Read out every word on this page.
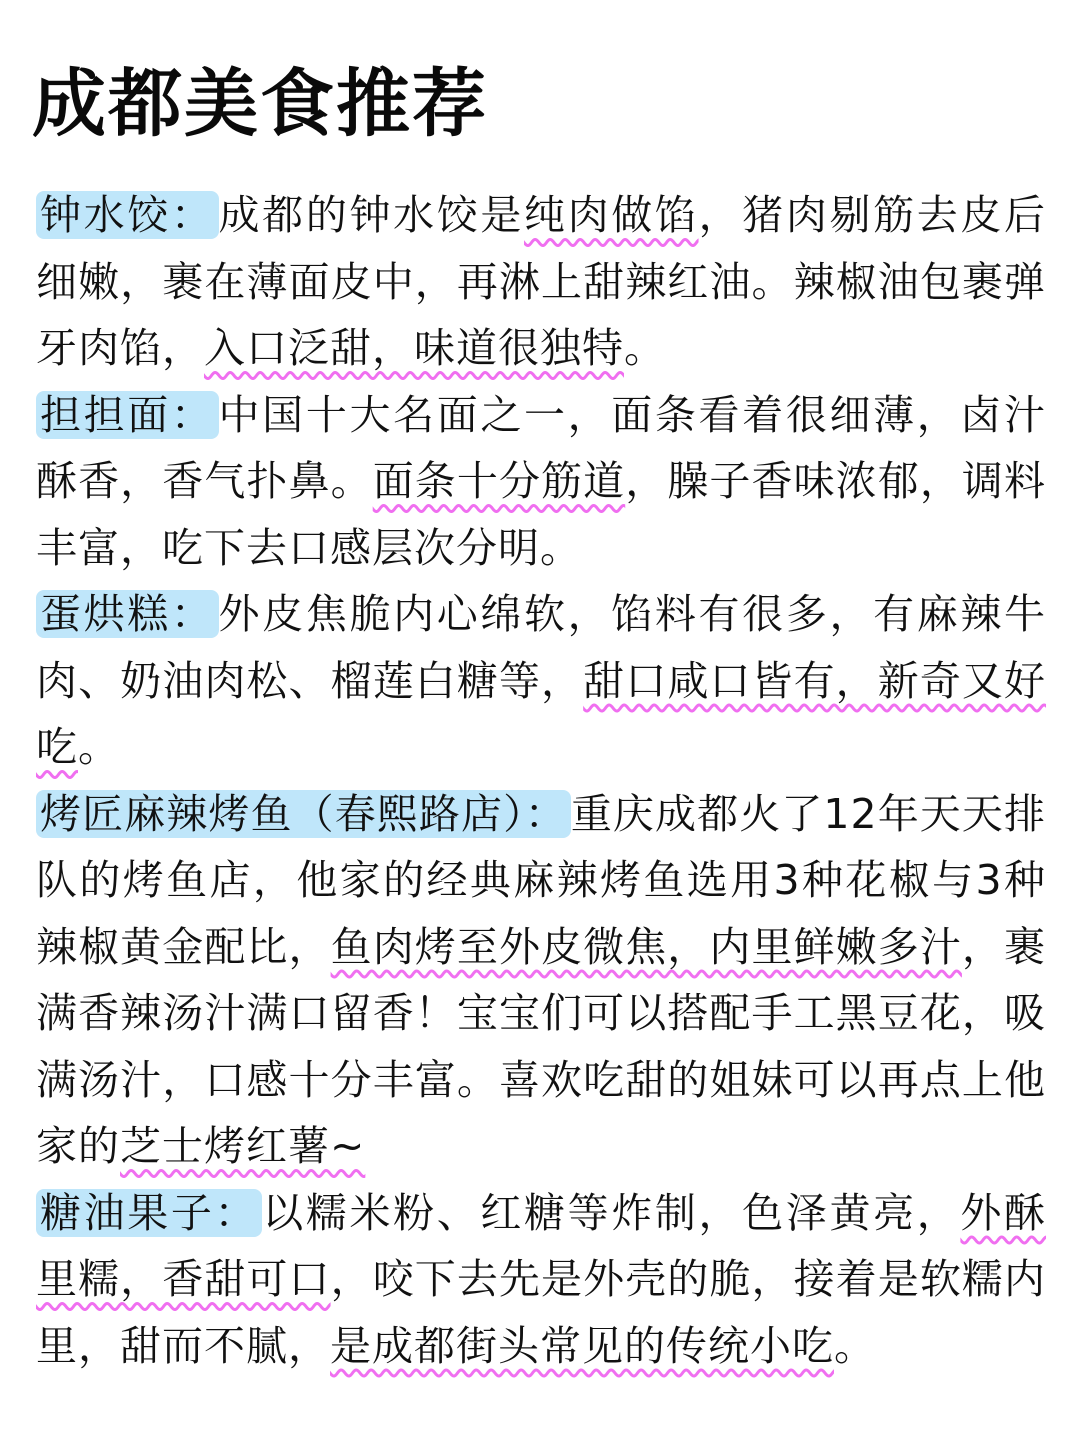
成都美食推荐

钟水饺：成都的钟水饺是纯肉做馅，猪肉剔筋去皮后细嫩，裹在薄面皮中，再淋上甜辣红油。辣椒油包裹弹牙肉馅，入口泛甜，味道很独特。

担担面：中国十大名面之一，面条看着很细薄，卤汁酥香，香气扑鼻。面条十分筋道，臊子香味浓郁，调料丰富，吃下去口感层次分明。

蛋烘糕：外皮焦脆内心绵软，馅料有很多，有麻辣牛肉、奶油肉松、榴莲白糖等，甜口咸口皆有，新奇又好吃。

烤匠麻辣烤鱼（春熙路店）：重庆成都火了12年天天排队的烤鱼店，他家的经典麻辣烤鱼选用3种花椒与3种辣椒黄金配比，鱼肉烤至外皮微焦，内里鲜嫩多汁，裹满香辣汤汁满口留香！宝宝们可以搭配手工黑豆花，吸满汤汁，口感十分丰富。喜欢吃甜的姐妹可以再点上他家的芝士烤红薯~

糖油果子：以糯米粉、红糖等炸制，色泽黄亮，外酥里糯，香甜可口，咬下去先是外壳的脆，接着是软糯内里，甜而不腻，是成都街头常见的传统小吃。
